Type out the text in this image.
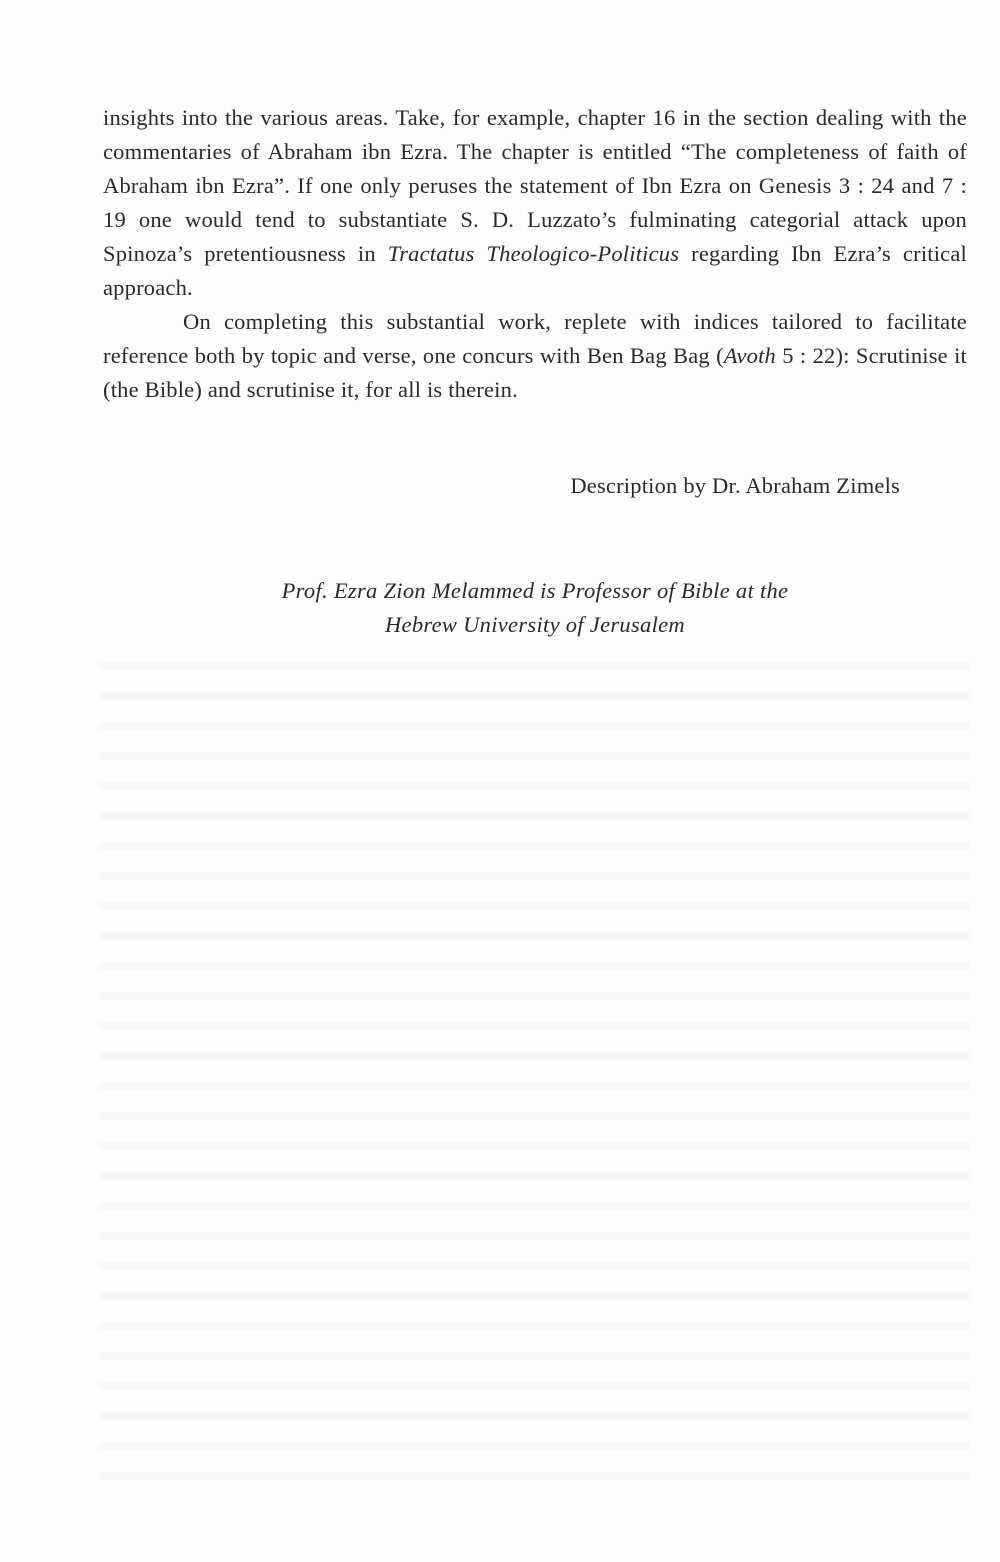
insights into the various areas. Take, for example, chapter 16 in the section dealing with the commentaries of Abraham ibn Ezra. The chapter is entitled “The completeness of faith of Abraham ibn Ezra”. If one only peruses the statement of Ibn Ezra on Genesis 3 : 24 and 7 : 19 one would tend to substantiate S. D. Luzzato’s fulminating categorial attack upon Spinoza’s pretentiousness in Tractatus Theologico-Politicus regarding Ibn Ezra’s critical approach.

On completing this substantial work, replete with indices tailored to facilitate reference both by topic and verse, one concurs with Ben Bag Bag (Avoth 5 : 22): Scrutinise it (the Bible) and scrutinise it, for all is therein.

Description by Dr. Abraham Zimels
Prof. Ezra Zion Melammed is Professor of Bible at the
Hebrew University of Jerusalem
